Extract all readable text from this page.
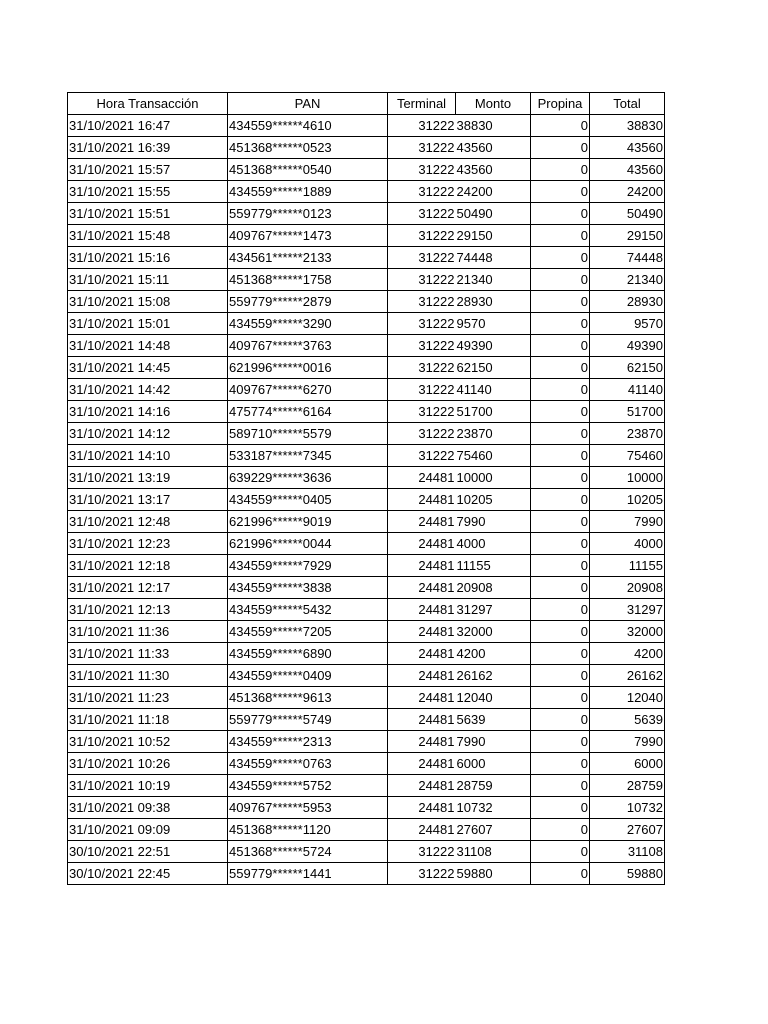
Hora Transacción	PAN	Terminal	Monto	Propina	Total
31/10/2021 16:47	434559******4610	31222	38830	0	38830
31/10/2021 16:39	451368******0523	31222	43560	0	43560
31/10/2021 15:57	451368******0540	31222	43560	0	43560
31/10/2021 15:55	434559******1889	31222	24200	0	24200
31/10/2021 15:51	559779******0123	31222	50490	0	50490
31/10/2021 15:48	409767******1473	31222	29150	0	29150
31/10/2021 15:16	434561******2133	31222	74448	0	74448
31/10/2021 15:11	451368******1758	31222	21340	0	21340
31/10/2021 15:08	559779******2879	31222	28930	0	28930
31/10/2021 15:01	434559******3290	31222	9570	0	9570
31/10/2021 14:48	409767******3763	31222	49390	0	49390
31/10/2021 14:45	621996******0016	31222	62150	0	62150
31/10/2021 14:42	409767******6270	31222	41140	0	41140
31/10/2021 14:16	475774******6164	31222	51700	0	51700
31/10/2021 14:12	589710******5579	31222	23870	0	23870
31/10/2021 14:10	533187******7345	31222	75460	0	75460
31/10/2021 13:19	639229******3636	24481	10000	0	10000
31/10/2021 13:17	434559******0405	24481	10205	0	10205
31/10/2021 12:48	621996******9019	24481	7990	0	7990
31/10/2021 12:23	621996******0044	24481	4000	0	4000
31/10/2021 12:18	434559******7929	24481	11155	0	11155
31/10/2021 12:17	434559******3838	24481	20908	0	20908
31/10/2021 12:13	434559******5432	24481	31297	0	31297
31/10/2021 11:36	434559******7205	24481	32000	0	32000
31/10/2021 11:33	434559******6890	24481	4200	0	4200
31/10/2021 11:30	434559******0409	24481	26162	0	26162
31/10/2021 11:23	451368******9613	24481	12040	0	12040
31/10/2021 11:18	559779******5749	24481	5639	0	5639
31/10/2021 10:52	434559******2313	24481	7990	0	7990
31/10/2021 10:26	434559******0763	24481	6000	0	6000
31/10/2021 10:19	434559******5752	24481	28759	0	28759
31/10/2021 09:38	409767******5953	24481	10732	0	10732
31/10/2021 09:09	451368******1120	24481	27607	0	27607
30/10/2021 22:51	451368******5724	31222	31108	0	31108
30/10/2021 22:45	559779******1441	31222	59880	0	59880
